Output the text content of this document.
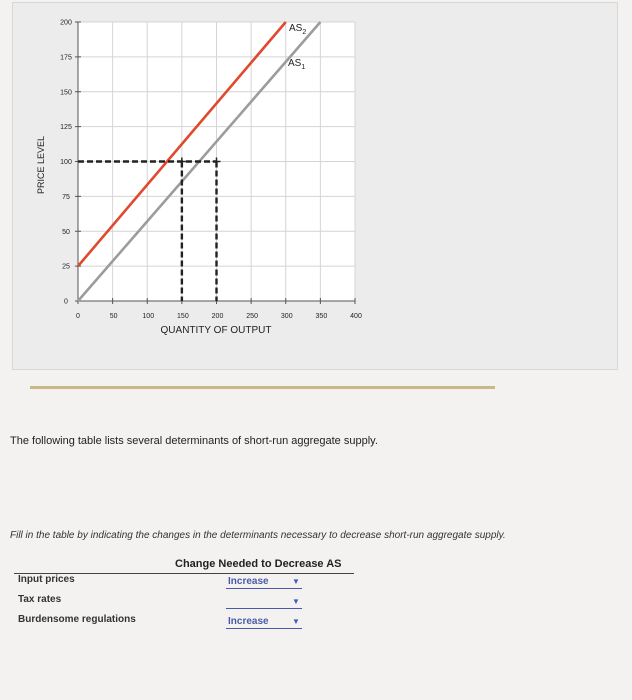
0	50	100	150	200	250	300	350	400
0
25
50
75
100
125
150
175
200
PRICE LEVEL
QUANTITY OF OUTPUT
$AS_2$
$AS_1$
The following table lists several determinants of short-run aggregate supply.
Fill in the table by indicating the changes in the determinants necessary to decrease short-run aggregate supply.
Change Needed to Decrease AS
Input prices	Increase	▼
Tax rates	▼
Burdensome regulations	Increase	▼
